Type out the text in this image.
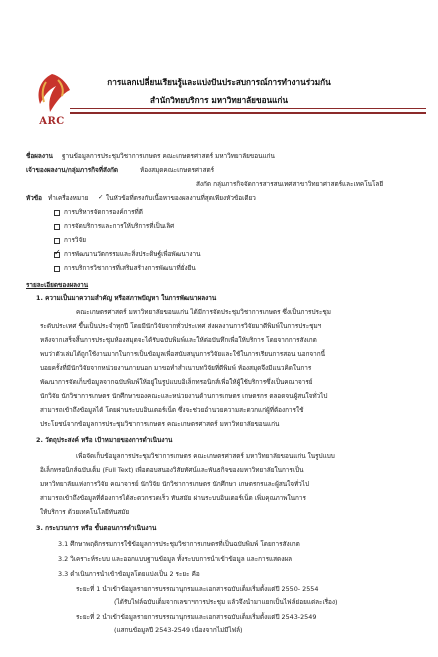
ARC
การแลกเปลี่ยนเรียนรู้และแบ่งปันประสบการณ์การทำงานร่วมกัน
สำนักวิทยบริการ มหาวิทยาลัยขอนแก่น
ชื่อผลงาน ฐานข้อมูลการประชุมวิชาการเกษตร คณะเกษตรศาสตร์ มหาวิทยาลัยขอนแก่น
เจ้าของผลงาน/กลุ่มภารกิจที่สังกัด	ห้องสมุดคณะเกษตรศาสตร์
สังกัด กลุ่มภารกิจจัดการสารสนเทศสาขาวิทยาศาสตร์และเทคโนโลยี
หัวข้อ ทำเครื่องหมาย ✓ ในหัวข้อที่ตรงกับเนื้อหาของผลงานที่สุดเพียงหัวข้อเดียว
การบริหารจัดการองค์การที่ดี
การจัดบริการและการให้บริการที่เป็นเลิศ
การวิจัย
✓ การพัฒนานวัตกรรมและสิ่งประดิษฐ์เพื่อพัฒนางาน
การบริการวิชาการที่เสริมสร้างการพัฒนาที่ยั่งยืน
รายละเอียดของผลงาน
1. ความเป็นมาความสำคัญ หรือสภาพปัญหา ในการพัฒนาผลงาน
คณะเกษตรศาสตร์ มหาวิทยาลัยขอนแก่น ได้มีการจัดประชุมวิชาการเกษตร ซึ่งเป็นการประชุม
ระดับประเทศ ขึ้นเป็นประจำทุกปี โดยมีนักวิจัยจากทั่วประเทศ ส่งผลงานการวิจัยมาตีพิมพ์ในการประชุมฯ
หลังจากเสร็จสิ้นการประชุมห้องสมุดจะได้รับฉบับพิมพ์และให้ต่อบันทึกเพื่อให้บริการ โดยจากการสังเกต
พบว่าตัวเล่มได้ถูกใช้งานมากในการเป็นข้อมูลเพื่อสนับสนุนการวิจัยและใช้ในการเรียนการสอน นอกจากนี้
บอยครั้งที่มีนักวิจัยจากหน่วยงานภายนอก มาขอทำสำเนาบทวิจัยที่ตีพิมพ์ ห้องสมุดจึงมีแนวคิดในการ
พัฒนาการจัดเก็บข้อมูลจากฉบับพิมพ์ให้อยู่ในรูปแบบอิเล็กทรอนิกส์เพื่อให้ผู้ใช้บริการซึ่งเป็นคณาจารย์
นักวิจัย นักวิชาการเกษตร นักศึกษาของคณะและหน่วยงานด้านการเกษตร เกษตรกร ตลอดจนผู้สนใจทั่วไป
สามารถเข้าถึงข้อมูลได้ โดยผ่านระบบอินเตอร์เน็ต ซึ่งจะช่วยอำนวยความสะดวกแก่ผู้ที่ต้องการใช้
ประโยชน์จากข้อมูลการประชุมวิชาการเกษตร คณะเกษตรศาสตร์ มหาวิทยาลัยขอนแก่น
2. วัตถุประสงค์ หรือ เป้าหมายของการดำเนินงาน
เพื่อจัดเก็บข้อมูลการประชุมวิชาการเกษตร คณะเกษตรศาสตร์ มหาวิทยาลัยขอนแก่น ในรูปแบบ
อิเล็กทรอนิกส์ฉบับเต็ม (Full Text) เพื่อตอบสนองวิสัยทัศน์และพันธกิจของมหาวิทยาลัยในการเป็น
มหาวิทยาลัยแห่งการวิจัย คณาจารย์ นักวิจัย นักวิชาการเกษตร นักศึกษา เกษตรกรและผู้สนใจทั่วไป
สามารถเข้าถึงข้อมูลที่ต้องการได้สะดวกรวดเร็ว ทันสมัย ผ่านระบบอินเตอร์เน็ต เพิ่มคุณภาพในการ
ให้บริการ ด้วยเทคโนโลยีทันสมัย
3. กระบวนการ หรือ ขั้นตอนการดำเนินงาน
3.1 ศึกษาพฤติกรรมการใช้ข้อมูลการประชุมวิชาการเกษตรที่เป็นฉบับพิมพ์ โดยการสังเกต
3.2 วิเคราะห์ระบบ และออกแบบฐานข้อมูล ทั้งระบบการนำเข้าข้อมูล และการแสดงผล
3.3 ดำเนินการนำเข้าข้อมูลโดยแบ่งเป็น 2 ระยะ คือ
ระยะที่ 1 นำเข้าข้อมูลรายการบรรณานุกรมและเอกสารฉบับเต็มเริ่มตั้งแต่ปี 2550- 2554
(ได้รับไฟล์ฉบับเต็มจากเลขาฯการประชุม แล้วจึงนำมาแยกเป็นไฟล์ย่อยแต่ละเรื่อง)
ระยะที่ 2 นำเข้าข้อมูลรายการบรรณานุกรมและเอกสารฉบับเต็มเริ่มตั้งแต่ปี 2543-2549
(แสกนข้อมูลปี 2543-2549 เนื่องจากไม่มีไฟล์)
